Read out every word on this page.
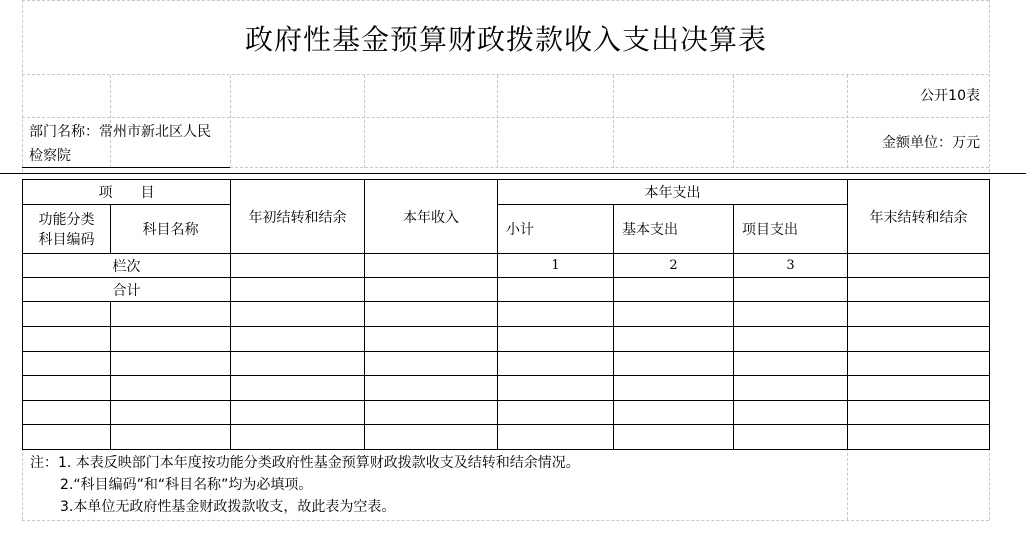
政府性基金预算财政拨款收入支出决算表
公开10表
部门名称：常州市新北区人民
检察院
金额单位：万元
项　　目		年初结转和结余	本年收入	本年支出			年末结转和结余

功能分类
科目编码	科目名称			小计	基本支出	项目支出	
栏次				1	2	3	
合计							

注：1. 本表反映部门本年度按功能分类政府性基金预算财政拨款收支及结转和结余情况。
2.“科目编码”和“科目名称”均为必填项。
3.本单位无政府性基金财政拨款收支，故此表为空表。
